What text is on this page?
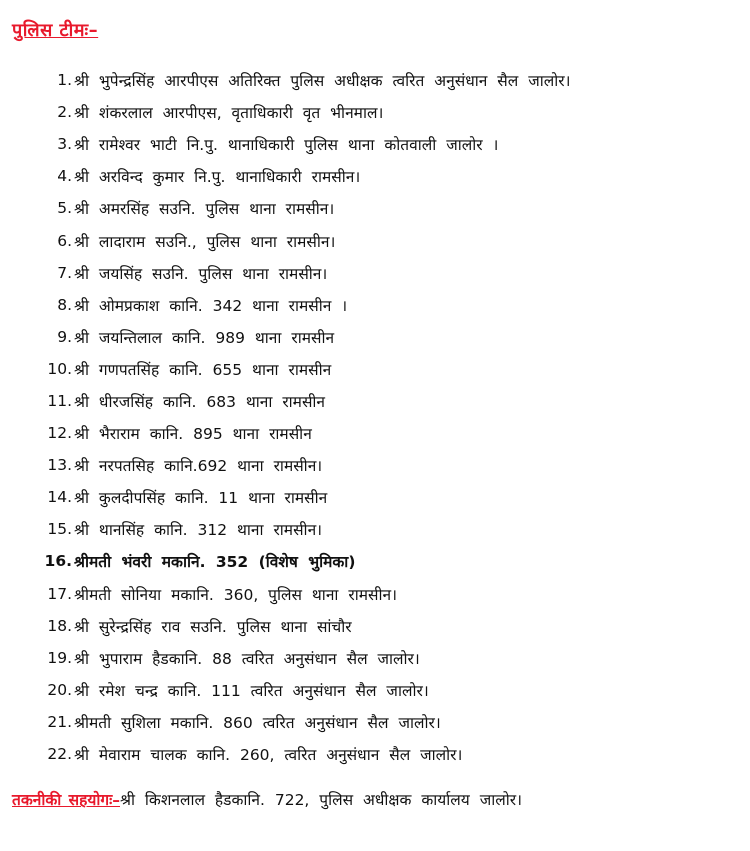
पुलिस टीमः–
1. श्री भुपेन्द्रसिंह आरपीएस अतिरिक्त पुलिस अधीक्षक त्वरित अनुसंधान सैल जालोर।
2. श्री शंकरलाल आरपीएस, वृताधिकारी वृत भीनमाल।
3. श्री रामेश्वर भाटी नि.पु. थानाधिकारी पुलिस थाना कोतवाली जालोर ।
4. श्री अरविन्द कुमार नि.पु. थानाधिकारी रामसीन।
5. श्री अमरसिंह सउनि. पुलिस थाना रामसीन।
6. श्री लादाराम सउनि., पुलिस थाना रामसीन।
7. श्री जयसिंह सउनि. पुलिस थाना रामसीन।
8. श्री ओमप्रकाश कानि. 342 थाना रामसीन ।
9. श्री जयन्तिलाल कानि. 989 थाना रामसीन
10. श्री गणपतसिंह कानि. 655 थाना रामसीन
11. श्री धीरजसिंह कानि. 683 थाना रामसीन
12. श्री भैराराम कानि. 895 थाना रामसीन
13. श्री नरपतसिह कानि.692 थाना रामसीन।
14. श्री कुलदीपसिंह कानि. 11 थाना रामसीन
15. श्री थानसिंह कानि. 312 थाना रामसीन।
16. श्रीमती भंवरी मकानि. 352 (विशेष भुमिका)
17. श्रीमती सोनिया मकानि. 360, पुलिस थाना रामसीन।
18. श्री सुरेन्द्रसिंह राव सउनि. पुलिस थाना सांचौर
19. श्री भुपाराम हैडकानि. 88 त्वरित अनुसंधान सैल जालोर।
20. श्री रमेश चन्द्र कानि. 111 त्वरित अनुसंधान सैल जालोर।
21. श्रीमती सुशिला मकानि. 860 त्वरित अनुसंधान सैल जालोर।
22. श्री मेवाराम चालक कानि. 260, त्वरित अनुसंधान सैल जालोर।
तकनीकी सहयोगः–श्री किशनलाल हैडकानि. 722, पुलिस अधीक्षक कार्यालय जालोर।
